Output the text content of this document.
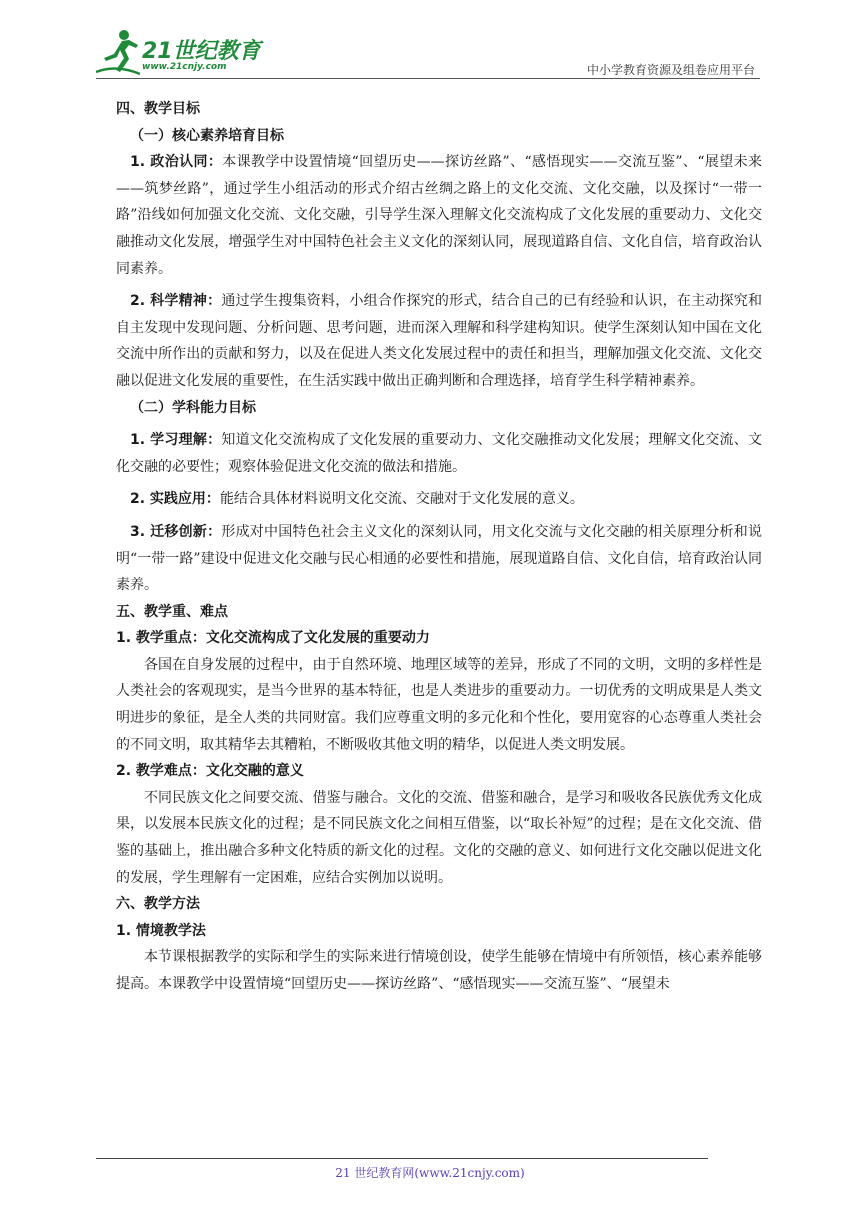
21世纪教育
www.21cnjy.com	中小学教育资源及组卷应用平台

四、教学目标

（一）核心素养培育目标

1. 政治认同：本课教学中设置情境“回望历史——探访丝路”、“感悟现实——交流互鉴”、“展望未来——筑梦丝路”，通过学生小组活动的形式介绍古丝绸之路上的文化交流、文化交融，以及探讨“一带一路”沿线如何加强文化交流、文化交融，引导学生深入理解文化交流构成了文化发展的重要动力、文化交融推动文化发展，增强学生对中国特色社会主义文化的深刻认同，展现道路自信、文化自信，培育政治认同素养。

2. 科学精神：通过学生搜集资料，小组合作探究的形式，结合自己的已有经验和认识，在主动探究和自主发现中发现问题、分析问题、思考问题，进而深入理解和科学建构知识。使学生深刻认知中国在文化交流中所作出的贡献和努力，以及在促进人类文化发展过程中的责任和担当，理解加强文化交流、文化交融以促进文化发展的重要性，在生活实践中做出正确判断和合理选择，培育学生科学精神素养。

（二）学科能力目标

1. 学习理解：知道文化交流构成了文化发展的重要动力、文化交融推动文化发展；理解文化交流、文化交融的必要性；观察体验促进文化交流的做法和措施。

2. 实践应用：能结合具体材料说明文化交流、交融对于文化发展的意义。

3. 迁移创新：形成对中国特色社会主义文化的深刻认同，用文化交流与文化交融的相关原理分析和说明“一带一路”建设中促进文化交融与民心相通的必要性和措施，展现道路自信、文化自信，培育政治认同素养。

五、教学重、难点

1. 教学重点：文化交流构成了文化发展的重要动力

各国在自身发展的过程中，由于自然环境、地理区域等的差异，形成了不同的文明，文明的多样性是人类社会的客观现实，是当今世界的基本特征，也是人类进步的重要动力。一切优秀的文明成果是人类文明进步的象征，是全人类的共同财富。我们应尊重文明的多元化和个性化，要用宽容的心态尊重人类社会的不同文明，取其精华去其糟粕，不断吸收其他文明的精华，以促进人类文明发展。

2. 教学难点：文化交融的意义

不同民族文化之间要交流、借鉴与融合。文化的交流、借鉴和融合，是学习和吸收各民族优秀文化成果，以发展本民族文化的过程；是不同民族文化之间相互借鉴，以“取长补短”的过程；是在文化交流、借鉴的基础上，推出融合多种文化特质的新文化的过程。文化的交融的意义、如何进行文化交融以促进文化的发展，学生理解有一定困难，应结合实例加以说明。

六、教学方法

1. 情境教学法

本节课根据教学的实际和学生的实际来进行情境创设，使学生能够在情境中有所领悟，核心素养能够提高。本课教学中设置情境“回望历史——探访丝路”、“感悟现实——交流互鉴”、“展望未

21 世纪教育网(www.21cnjy.com)
